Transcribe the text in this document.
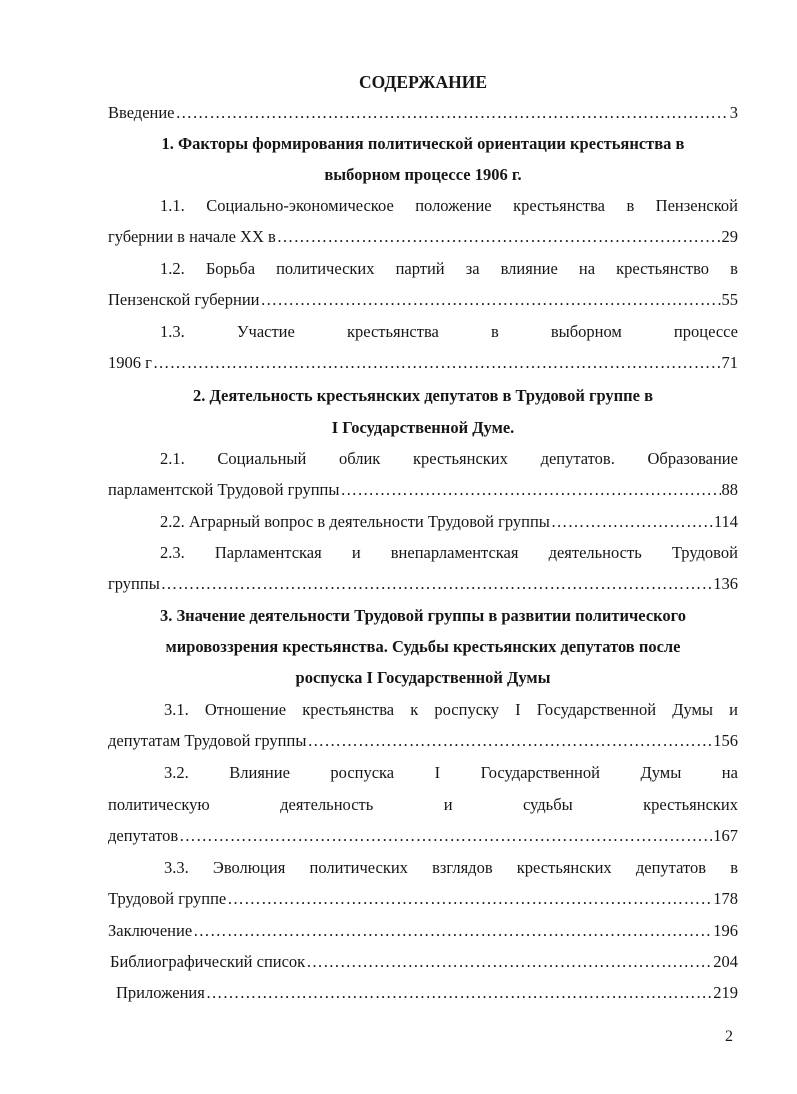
СОДЕРЖАНИЕ
Введение …………………………………………………………………………………………………………………………………………………………	3
1. Факторы формирования политической ориентации крестьянства в
выборном процессе 1906 г.
1.1. Социально-экономическое положение крестьянства в Пензенской
губернии в начале XX в …………………………………………………………………………………………………………………………………………………………	29
1.2. Борьба политических партий за влияние на крестьянство в
Пензенской губернии …………………………………………………………………………………………………………………………………………………………	55
1.3.	Участие	крестьянства	в	выборном	процессе
1906 г …………………………………………………………………………………………………………………………………………………………	71
2. Деятельность крестьянских депутатов в Трудовой группе в
I Государственной Думе.
2.1. Социальный облик крестьянских депутатов. Образование
парламентской Трудовой группы …………………………………………………………………………………………………………………………………………………………	88
2.2. Аграрный вопрос в деятельности Трудовой группы …………………………………………………………………………………………………………………………………………………………	114
2.3. Парламентская и внепарламентская деятельность Трудовой
группы …………………………………………………………………………………………………………………………………………………………	136
3. Значение деятельности Трудовой группы в развитии политического
мировоззрения крестьянства. Судьбы крестьянских депутатов после
роспуска I Государственной Думы
3.1. Отношение крестьянства к роспуску I Государственной Думы и
депутатам Трудовой группы …………………………………………………………………………………………………………………………………………………………	156
3.2. Влияние роспуска I Государственной Думы на
политическую	деятельность	и	судьбы	крестьянских
депутатов …………………………………………………………………………………………………………………………………………………………	167
3.3. Эволюция политических взглядов крестьянских депутатов в
Трудовой группе …………………………………………………………………………………………………………………………………………………………	178
Заключение …………………………………………………………………………………………………………………………………………………………	196
Библиографический список …………………………………………………………………………………………………………………………………………………………	204
Приложения …………………………………………………………………………………………………………………………………………………………	219
2
